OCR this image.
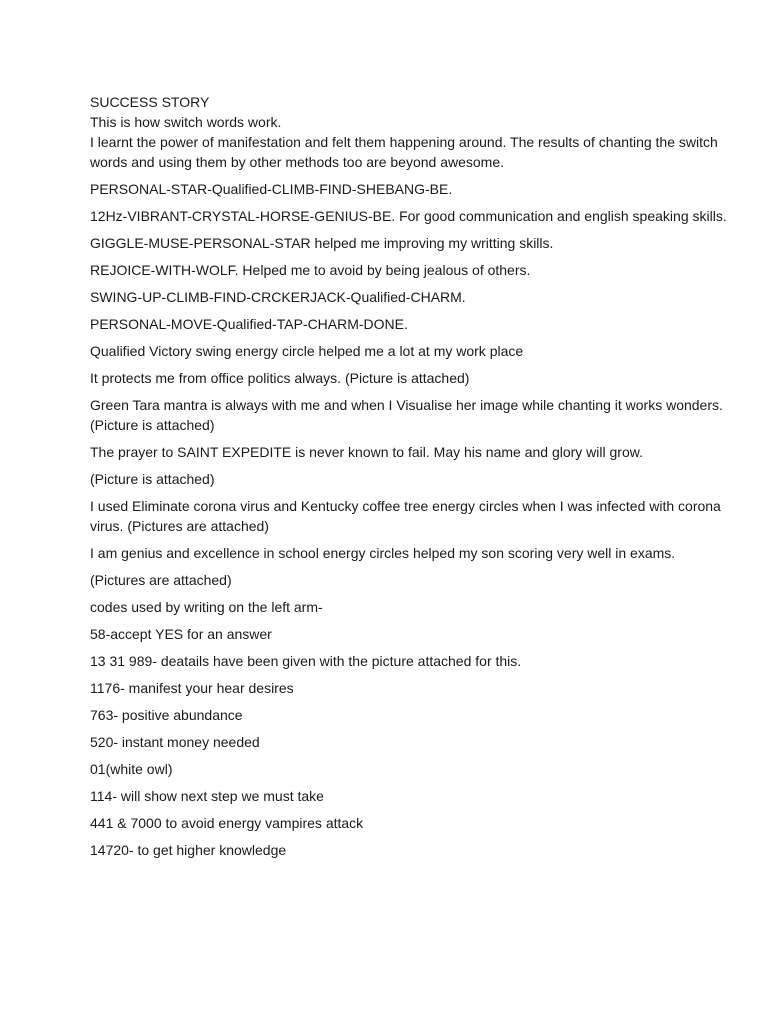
SUCCESS STORY

This is how switch words work.

I learnt the power of manifestation and felt them happening around. The results of chanting the switch words and using them by other methods too are beyond awesome.

PERSONAL-STAR-Qualified-CLIMB-FIND-SHEBANG-BE.

12Hz-VIBRANT-CRYSTAL-HORSE-GENIUS-BE. For good communication and english speaking skills.

GIGGLE-MUSE-PERSONAL-STAR helped me improving my writting skills.

REJOICE-WITH-WOLF. Helped me to avoid by being jealous of others.

SWING-UP-CLIMB-FIND-CRCKERJACK-Qualified-CHARM.

PERSONAL-MOVE-Qualified-TAP-CHARM-DONE.

Qualified Victory swing energy circle helped me a lot at my work place

It protects me from office politics always. (Picture is attached)

Green Tara mantra is always with me and when I Visualise her image while chanting it works wonders. (Picture is attached)

The prayer to SAINT EXPEDITE is never known to fail. May his name and glory will grow.

(Picture is attached)

I used Eliminate corona virus and Kentucky coffee tree energy circles when I was infected with corona virus. (Pictures are attached)

I am genius and excellence in school energy circles helped my son scoring very well in exams.

(Pictures are attached)

codes used by writing on the left arm-

58-accept YES for an answer

13 31 989- deatails have been given with the picture attached for this.

1176- manifest your hear desires

763- positive abundance

520- instant money needed

01(white owl)

114- will show next step we must take

441 & 7000 to avoid energy vampires attack

14720- to get higher knowledge
